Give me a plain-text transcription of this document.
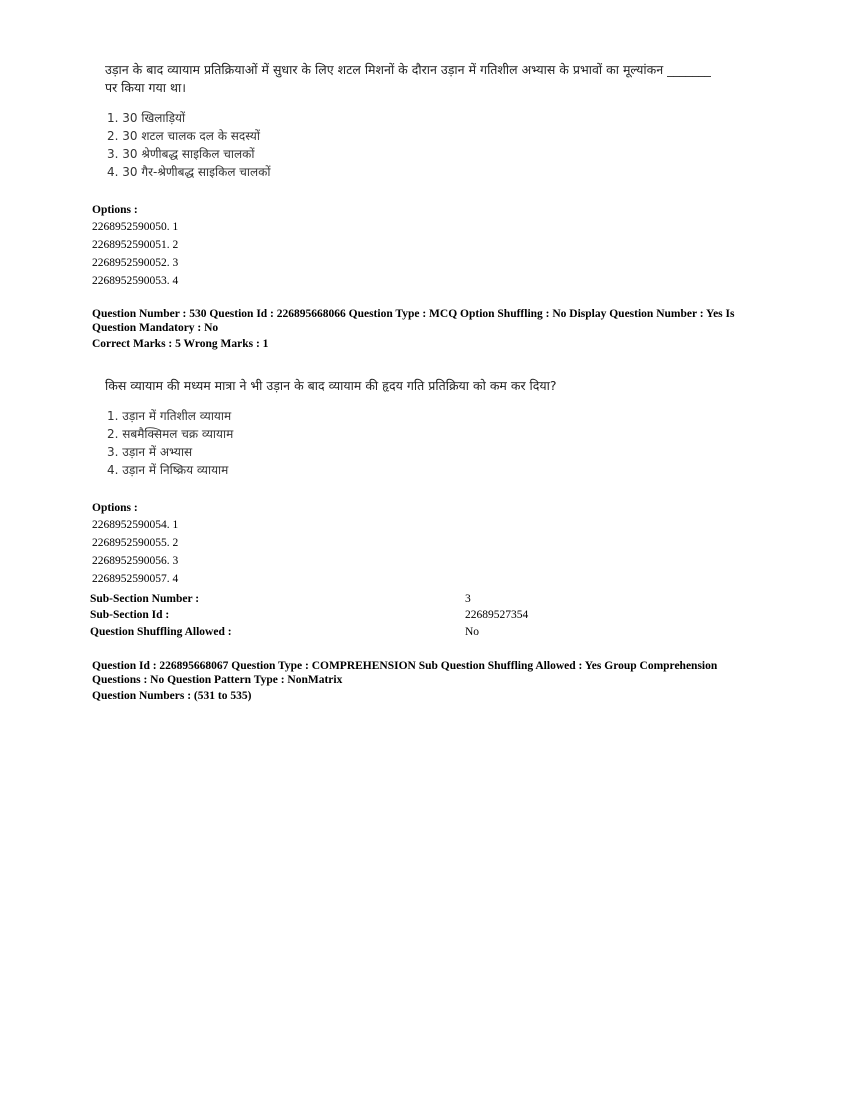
उड़ान के बाद व्यायाम प्रतिक्रियाओं में सुधार के लिए शटल मिशनों के दौरान उड़ान में गतिशील अभ्यास के प्रभावों का मूल्यांकन _______
पर किया गया था।
1. 30 खिलाड़ियों
2. 30 शटल चालक दल के सदस्यों
3. 30 श्रेणीबद्ध साइकिल चालकों
4. 30 गैर-श्रेणीबद्ध साइकिल चालकों
Options :
2268952590050. 1
2268952590051. 2
2268952590052. 3
2268952590053. 4
Question Number : 530 Question Id : 226895668066 Question Type : MCQ Option Shuffling : No Display Question Number : Yes Is
Question Mandatory : No
Correct Marks : 5 Wrong Marks : 1
किस व्यायाम की मध्यम मात्रा ने भी उड़ान के बाद व्यायाम की हृदय गति प्रतिक्रिया को कम कर दिया?
1. उड़ान में गतिशील व्यायाम
2. सबमैक्सिमल चक्र व्यायाम
3. उड़ान में अभ्यास
4. उड़ान में निष्क्रिय व्यायाम
Options :
2268952590054. 1
2268952590055. 2
2268952590056. 3
2268952590057. 4
Sub-Section Number :	3
Sub-Section Id :	22689527354
Question Shuffling Allowed :	No
Question Id : 226895668067 Question Type : COMPREHENSION Sub Question Shuffling Allowed : Yes Group Comprehension
Questions : No Question Pattern Type : NonMatrix
Question Numbers : (531 to 535)
